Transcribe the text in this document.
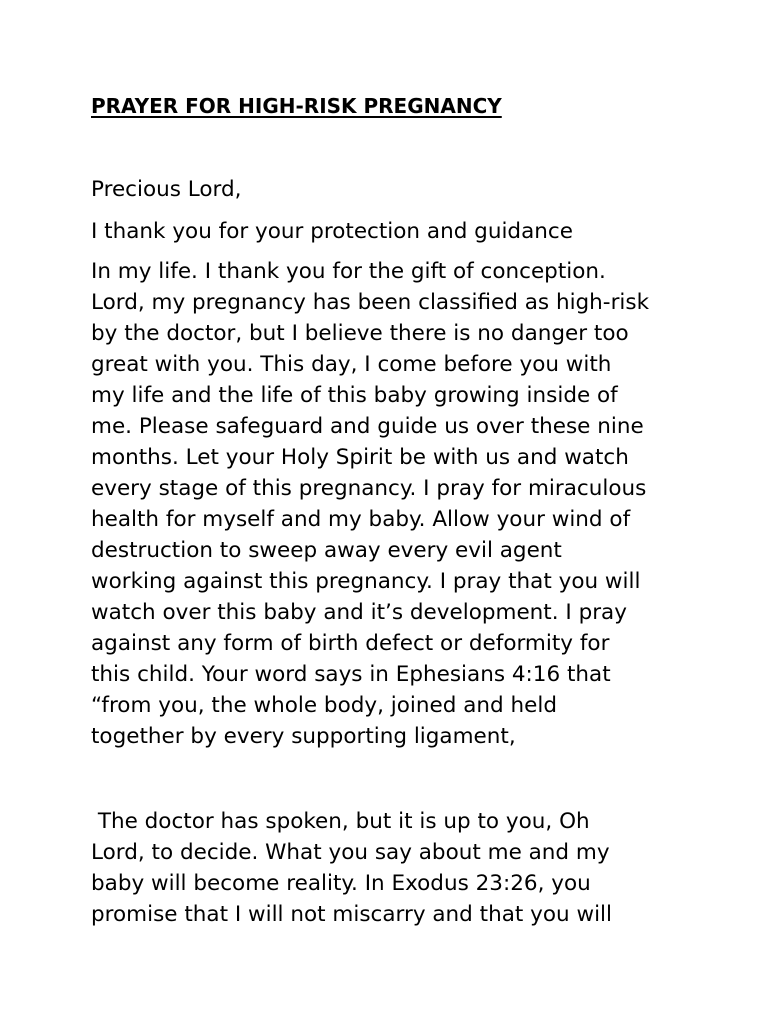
PRAYER FOR HIGH-RISK PREGNANCY

Precious Lord,

I thank you for your protection and guidance

In my life. I thank you for the gift of conception.
Lord, my pregnancy has been classified as high-risk
by the doctor, but I believe there is no danger too
great with you. This day, I come before you with
my life and the life of this baby growing inside of
me. Please safeguard and guide us over these nine
months. Let your Holy Spirit be with us and watch
every stage of this pregnancy. I pray for miraculous
health for myself and my baby. Allow your wind of
destruction to sweep away every evil agent
working against this pregnancy. I pray that you will
watch over this baby and it’s development. I pray
against any form of birth defect or deformity for
this child. Your word says in Ephesians 4:16 that
“from you, the whole body, joined and held
together by every supporting ligament,

The doctor has spoken, but it is up to you, Oh
Lord, to decide. What you say about me and my
baby will become reality. In Exodus 23:26, you
promise that I will not miscarry and that you will
